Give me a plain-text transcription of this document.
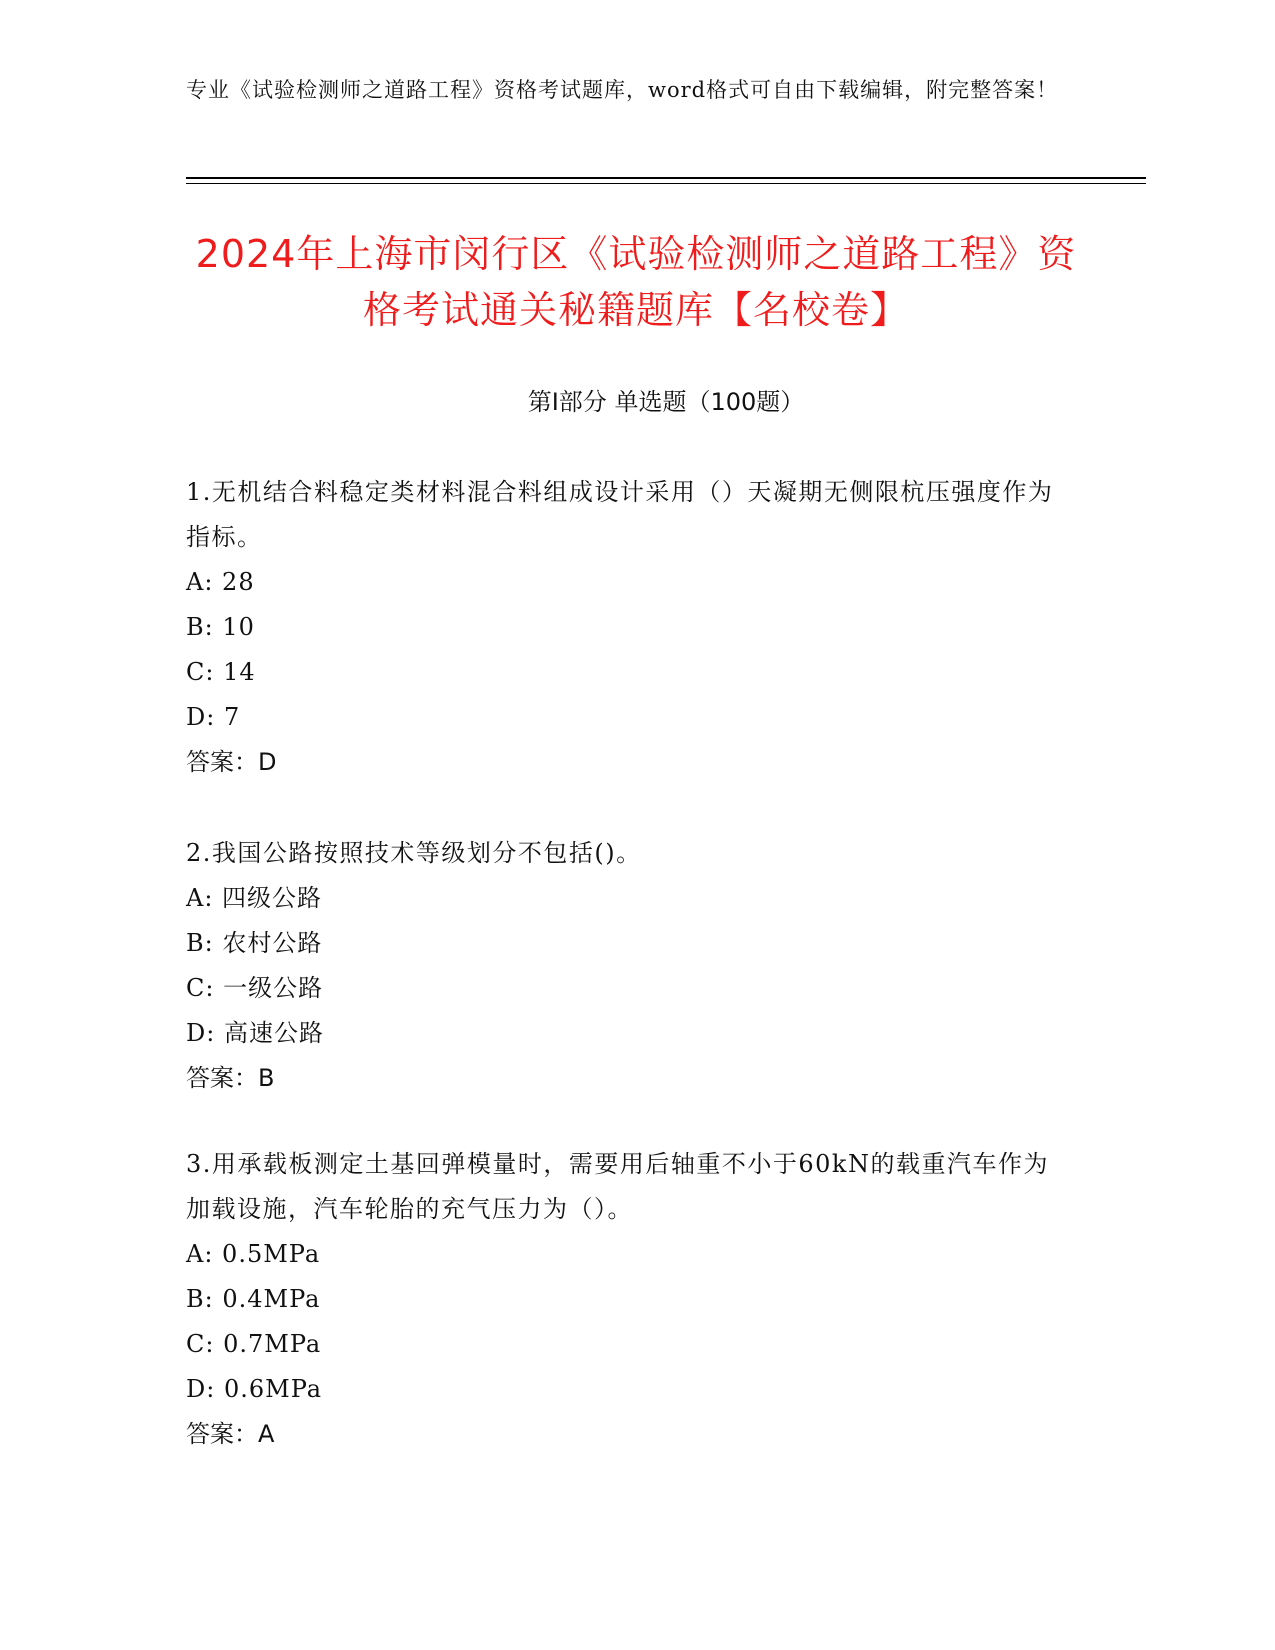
专业《试验检测师之道路工程》资格考试题库，word格式可自由下载编辑，附完整答案！
2024年上海市闵行区《试验检测师之道路工程》资格考试通关秘籍题库【名校卷】
第Ⅰ部分 单选题（100题）

1.无机结合料稳定类材料混合料组成设计采用（）天凝期无侧限杭压强度作为指标。

A: 28

B: 10

C: 14

D: 7

答案：D

2.我国公路按照技术等级划分不包括()。

A: 四级公路

B: 农村公路

C: 一级公路

D: 高速公路

答案：B

3.用承载板测定土基回弹模量时，需要用后轴重不小于60kN的载重汽车作为加载设施，汽车轮胎的充气压力为（）。

A: 0.5MPa

B: 0.4MPa

C: 0.7MPa

D: 0.6MPa

答案：A
